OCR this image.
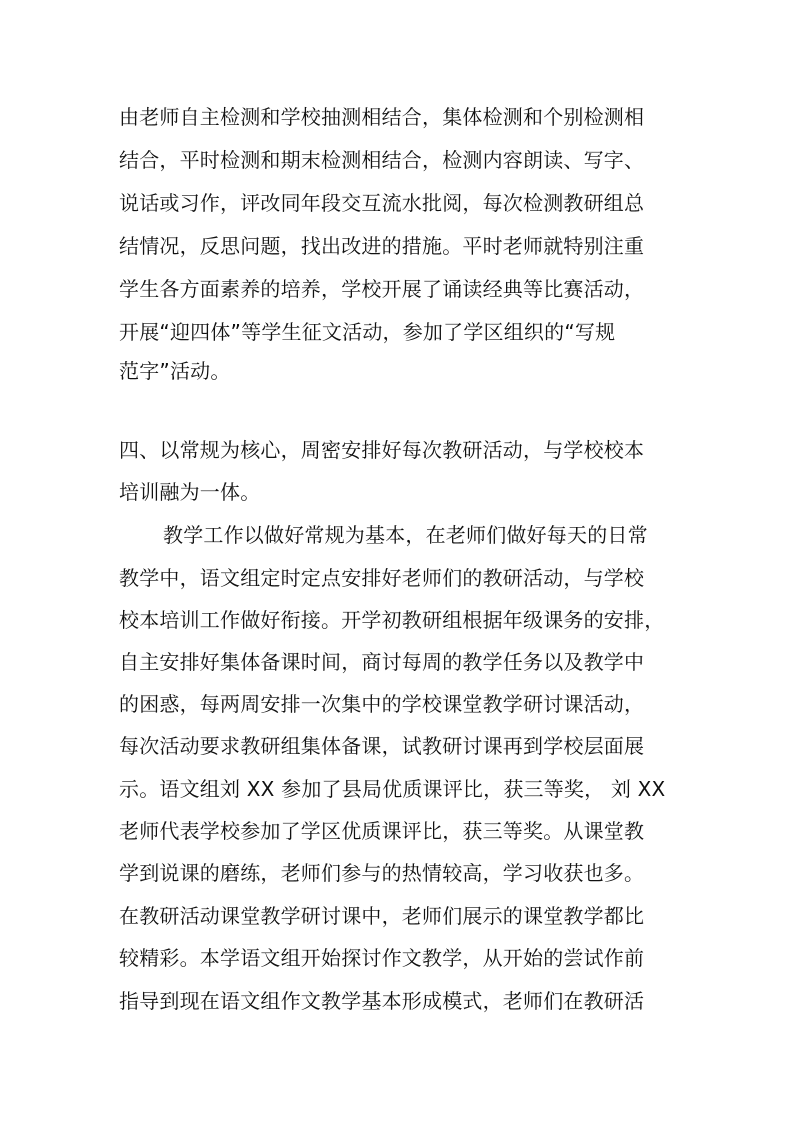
由老师自主检测和学校抽测相结合，集体检测和个别检测相
结合，平时检测和期末检测相结合，检测内容朗读、写字、
说话或习作，评改同年段交互流水批阅，每次检测教研组总
结情况，反思问题，找出改进的措施。平时老师就特别注重
学生各方面素养的培养，学校开展了诵读经典等比赛活动，
开展“迎四体”等学生征文活动，参加了学区组织的“写规
范字”活动。
四、以常规为核心，周密安排好每次教研活动，与学校校本
培训融为一体。
教学工作以做好常规为基本，在老师们做好每天的日常
教学中，语文组定时定点安排好老师们的教研活动，与学校
校本培训工作做好衔接。开学初教研组根据年级课务的安排，
自主安排好集体备课时间，商讨每周的教学任务以及教学中
的困惑，每两周安排一次集中的学校课堂教学研讨课活动，
每次活动要求教研组集体备课，试教研讨课再到学校层面展
示。语文组刘 XX 参加了县局优质课评比，获三等奖， 刘 XX
老师代表学校参加了学区优质课评比，获三等奖。从课堂教
学到说课的磨练，老师们参与的热情较高，学习收获也多。
在教研活动课堂教学研讨课中，老师们展示的课堂教学都比
较精彩。本学语文组开始探讨作文教学，从开始的尝试作前
指导到现在语文组作文教学基本形成模式，老师们在教研活
